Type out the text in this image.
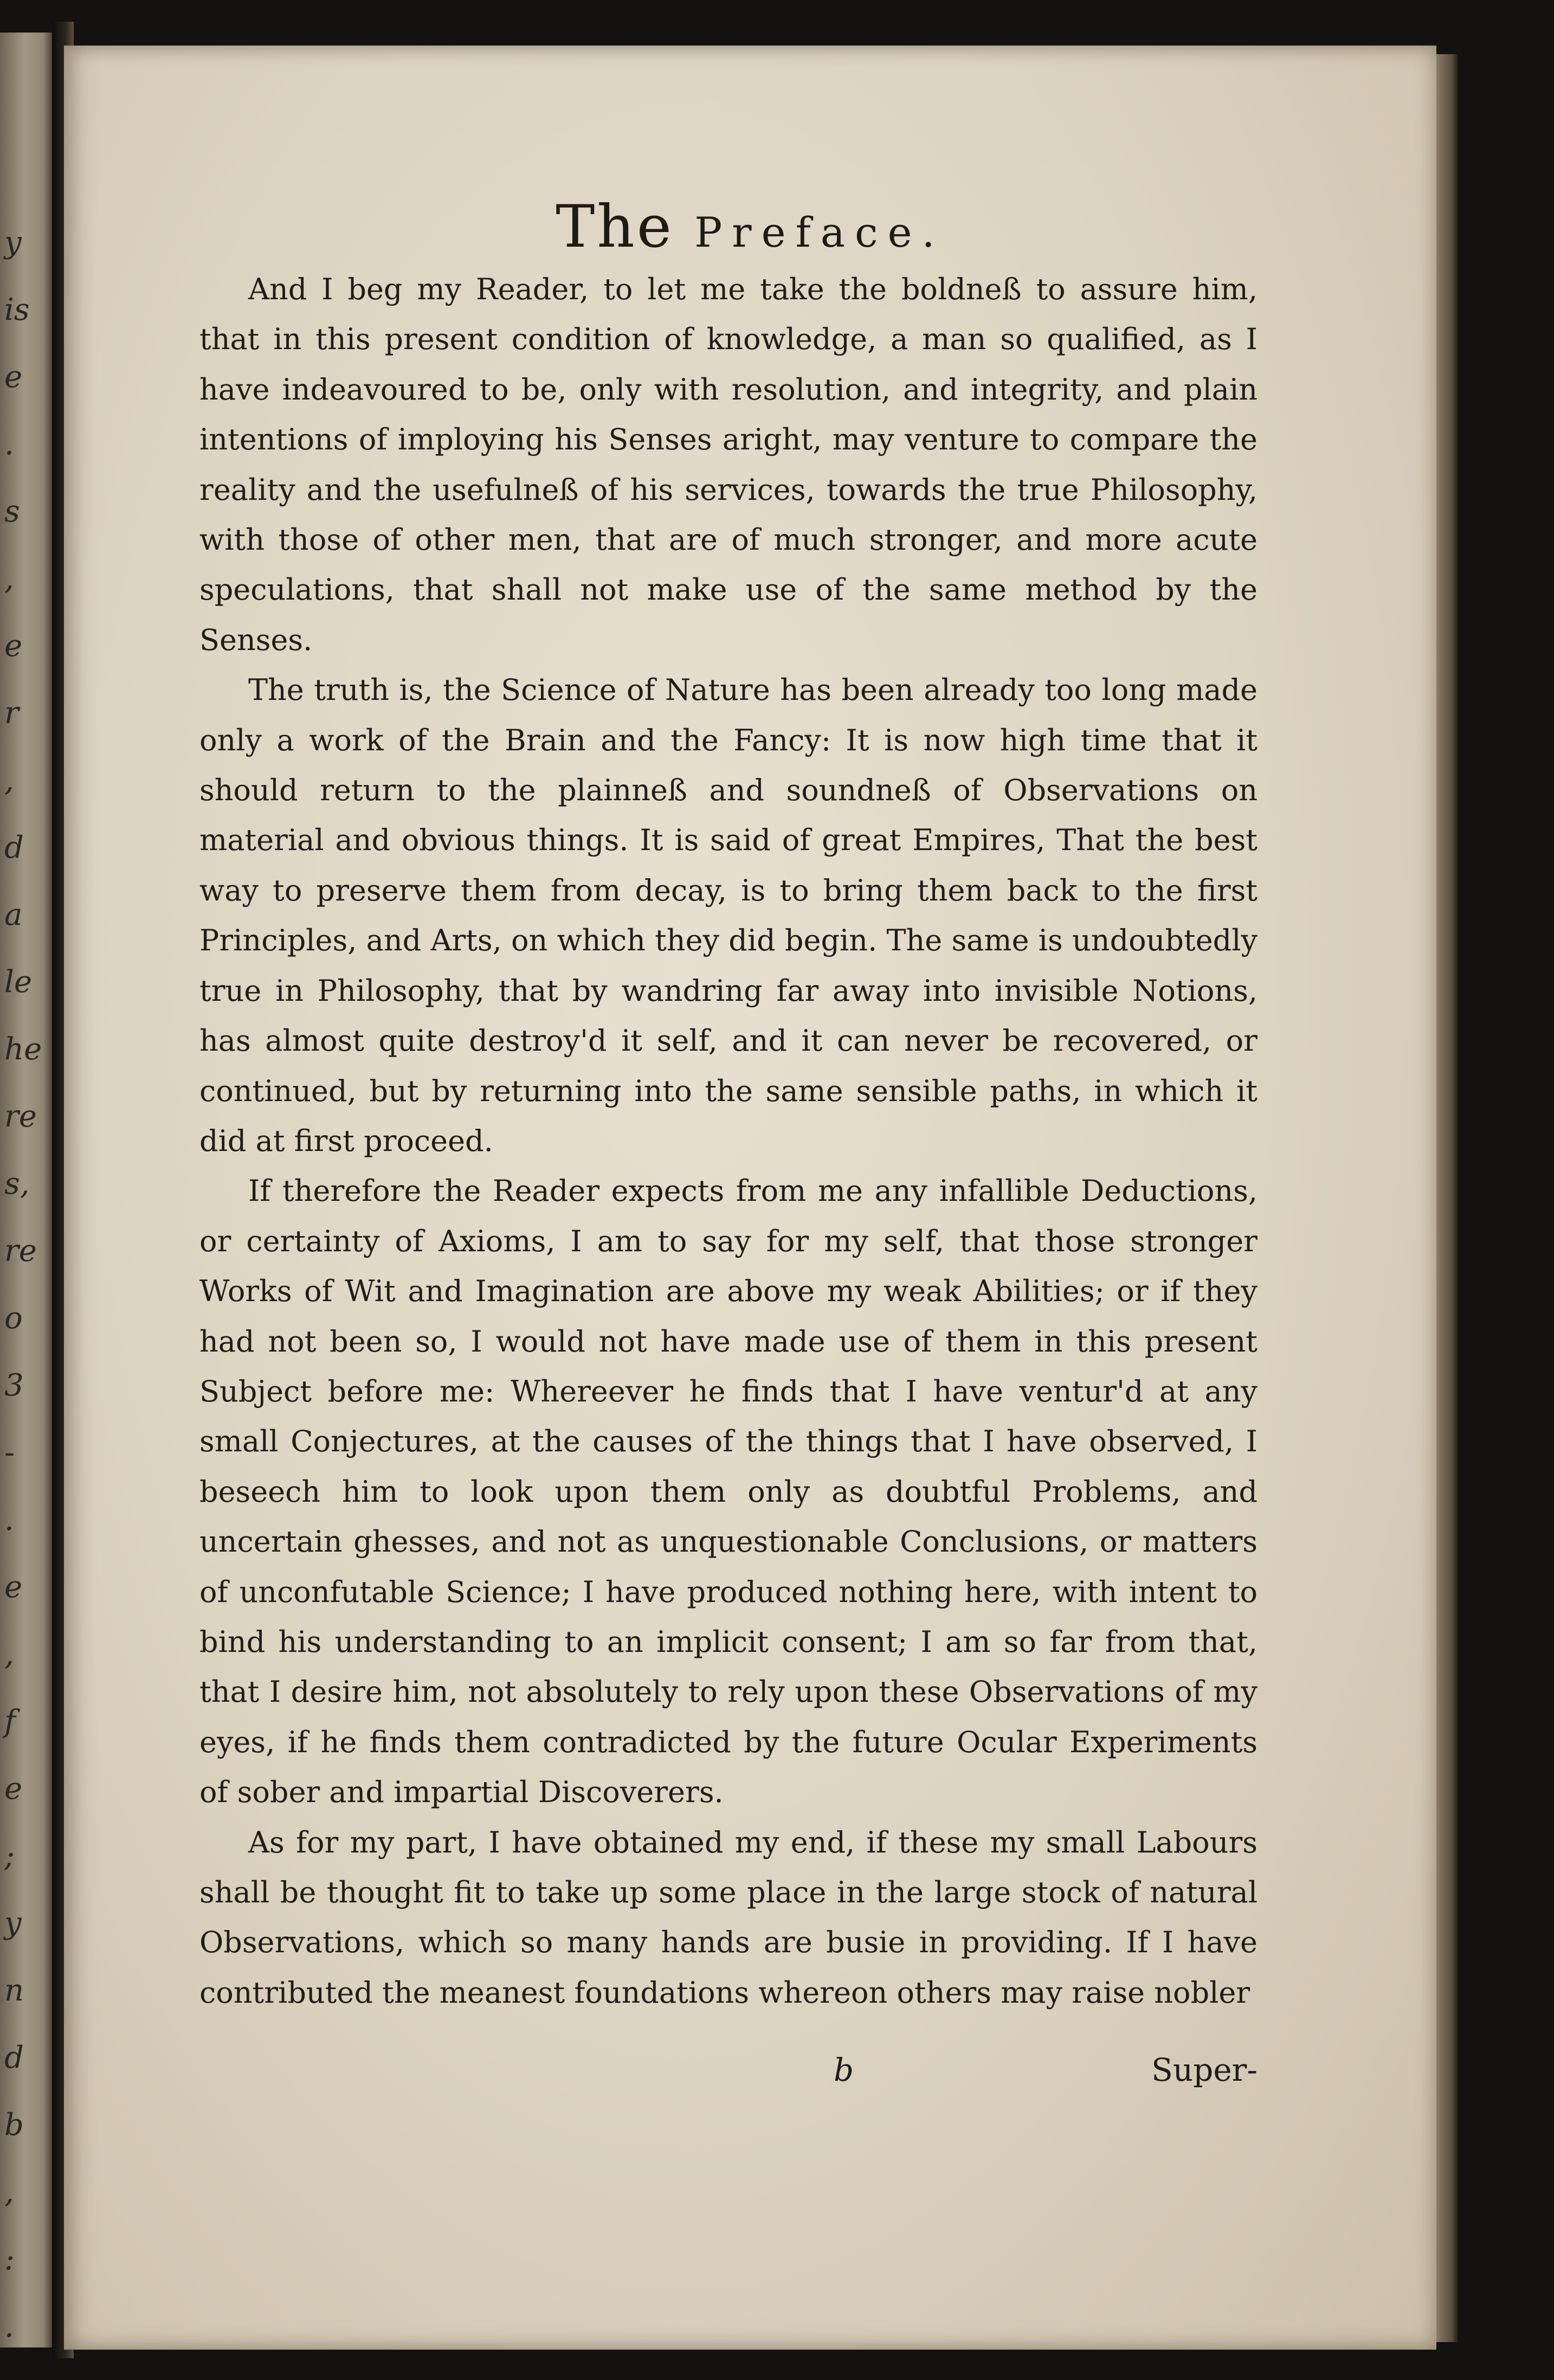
y
is
e
.
s
,
e
r
,
d
a
le
he
re
s,
re
o
3
-
.
e
,
f
e
;
y
n
d
b
,
:
.
The Preface.

And I beg my Reader, to let me take the boldneß to assure him, that in this present condition of knowledge, a man so qualified, as I have indeavoured to be, only with resolution, and integrity, and plain intentions of imploying his Senses aright, may venture to compare the reality and the usefulneß of his services, towards the true Philosophy, with those of other men, that are of much stronger, and more acute speculations, that shall not make use of the same method by the Senses.

The truth is, the Science of Nature has been already too long made only a work of the Brain and the Fancy: It is now high time that it should return to the plainneß and soundneß of Observations on material and obvious things. It is said of great Empires, That the best way to preserve them from decay, is to bring them back to the first Principles, and Arts, on which they did begin. The same is undoubtedly true in Philosophy, that by wandring far away into invisible Notions, has almost quite destroy'd it self, and it can never be recovered, or continued, but by returning into the same sensible paths, in which it did at first proceed.

If therefore the Reader expects from me any infallible Deductions, or certainty of Axioms, I am to say for my self, that those stronger Works of Wit and Imagination are above my weak Abilities; or if they had not been so, I would not have made use of them in this present Subject before me: Whereever he finds that I have ventur'd at any small Conjectures, at the causes of the things that I have observed, I beseech him to look upon them only as doubtful Problems, and uncertain ghesses, and not as unquestionable Conclusions, or matters of unconfutable Science; I have produced nothing here, with intent to bind his understanding to an implicit consent; I am so far from that, that I desire him, not absolutely to rely upon these Observations of my eyes, if he finds them contradicted by the future Ocular Experiments of sober and impartial Discoverers.

As for my part, I have obtained my end, if these my small Labours shall be thought fit to take up some place in the large stock of natural Observations, which so many hands are busie in providing. If I have contributed the meanest foundations whereon others may raise nobler

b	Super-
